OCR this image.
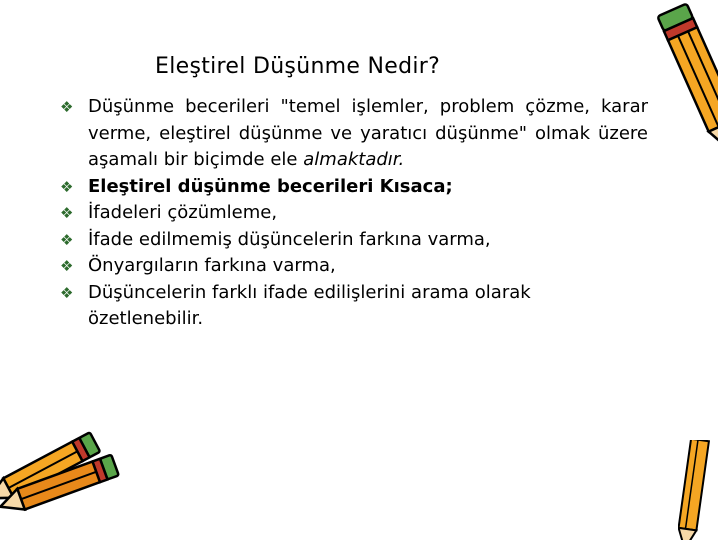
Eleştirel Düşünme Nedir?

❖ Düşünme becerileri "temel işlemler, problem çözme, karar verme, eleştirel düşünme ve yaratıcı düşünme" olmak üzere aşamalı bir biçimde ele almaktadır.

❖ Eleştirel düşünme becerileri Kısaca;

❖ İfadeleri çözümleme,

❖ İfade edilmemiş düşüncelerin farkına varma,

❖ Önyargıların farkına varma,

❖ Düşüncelerin farklı ifade edilişlerini arama olarak özetlenebilir.
